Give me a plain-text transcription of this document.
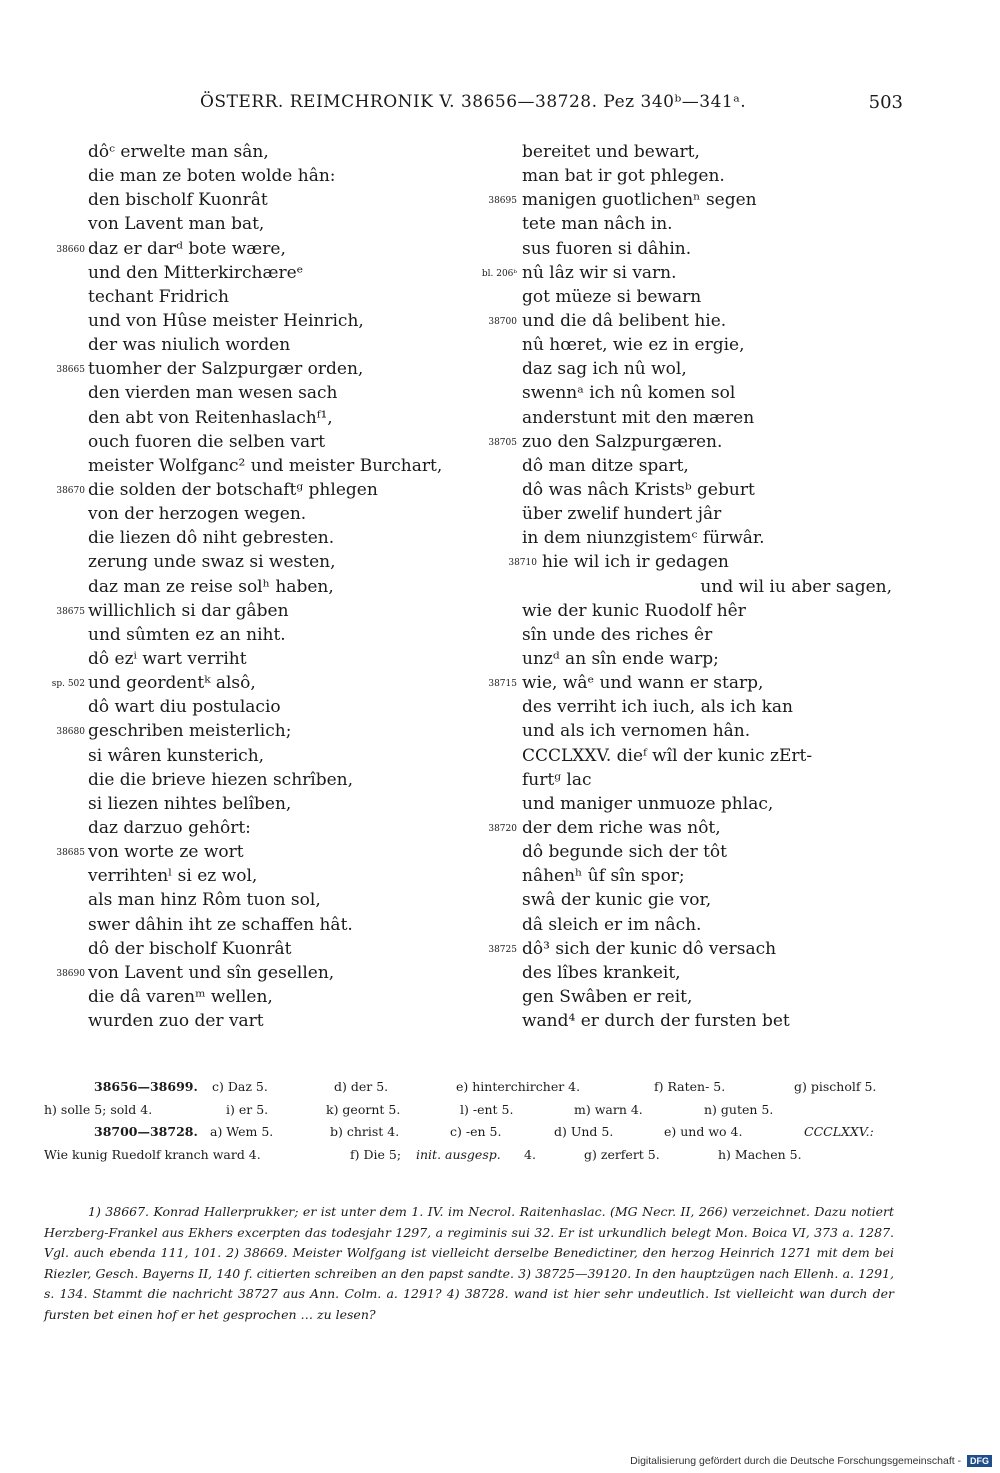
ÖSTERR. REIMCHRONIK V. 38656—38728. Pez 340ᵇ—341ᵃ.	503
dôᶜ erwelte man sân,
die man ze boten wolde hân:
den bischolf Kuonrât
von Lavent man bat,
38660 daz er darᵈ bote wære,
und den Mitterkirchæreᵉ
techant Fridrich
und von Hûse meister Heinrich,
der was niulich worden
38665 tuomher der Salzpurgær orden,
den vierden man wesen sach
den abt von Reitenhaslachᶠ¹,
ouch fuoren die selben vart
meister Wolfganc² und meister Burchart,
38670 die solden der botschaftᵍ phlegen
von der herzogen wegen.
die liezen dô niht gebresten.
zerung unde swaz si westen,
daz man ze reise solʰ haben,
38675 willichlich si dar gâben
und sûmten ez an niht.
dô ezⁱ wart verriht
sp. 502 und geordentᵏ alsô,
dô wart diu postulacio
38680 geschriben meisterlich;
si wâren kunsterich,
die die brieve hiezen schrîben,
si liezen nihtes belîben,
daz darzuo gehôrt:
38685 von worte ze wort
verrihtenˡ si ez wol,
als man hinz Rôm tuon sol,
swer dâhin iht ze schaffen hât.
dô der bischolf Kuonrât
38690 von Lavent und sîn gesellen,
die dâ varenᵐ wellen,
wurden zuo der vart
bereitet und bewart,
man bat ir got phlegen.
38695 manigen guotlichenⁿ segen
tete man nâch in.
sus fuoren si dâhin.
bl. 206ᵇ nû lâz wir si varn.
got müeze si bewarn
38700 und die dâ belibent hie.
nû hœret, wie ez in ergie,
daz sag ich nû wol,
swennᵃ ich nû komen sol
anderstunt mit den mæren
38705 zuo den Salzpurgæren.
dô man ditze spart,
dô was nâch Kristsᵇ geburt
über zwelif hundert jâr
in dem niunzgistemᶜ fürwâr.
38710 hie wil ich ir gedagen
und wil iu aber sagen,
wie der kunic Ruodolf hêr
sîn unde des riches êr
unzᵈ an sîn ende warp;
38715 wie, wâᵉ und wann er starp,
des verriht ich iuch, als ich kan
und als ich vernomen hân.
CCCLXXV. dieᶠ wîl der kunic zErt-
furtᵍ lac
und maniger unmuoze phlac,
38720 der dem riche was nôt,
dô begunde sich der tôt
nâhenʰ ûf sîn spor;
swâ der kunic gie vor,
dâ sleich er im nâch.
38725 dô³ sich der kunic dô versach
des lîbes krankeit,
gen Swâben er reit,
wand⁴ er durch der fursten bet
38656—38699. c) Daz 5.	d) der 5.	e) hinterchircher 4.	f) Raten- 5.	g) pischolf 5.
h) solle 5; sold 4.	i) er 5.	k) geornt 5.	l) -ent 5.	m) warn 4.	n) guten 5.
38700—38728. a) Wem 5.	b) christ 4.	c) -en 5.	d) Und 5.	e) und wo 4.	CCCLXXV.:
Wie kunig Ruedolf kranch ward 4.	f) Die 5; init. ausgesp. 4.	g) zerfert 5.	h) Machen 5.

1) 38667. Konrad Hallerprukker; er ist unter dem 1. IV. im Necrol. Raitenhaslac. (MG Necr. II, 266) verzeichnet. Dazu notiert Herzberg-Frankel aus Ekhers excerpten das todesjahr 1297, a regiminis sui 32. Er ist urkundlich belegt Mon. Boica VI, 373 a. 1287. Vgl. auch ebenda 111, 101. 2) 38669. Meister Wolfgang ist vielleicht derselbe Benedictiner, den herzog Heinrich 1271 mit dem bei Riezler, Gesch. Bayerns II, 140 f. citierten schreiben an den papst sandte. 3) 38725—39120. In den hauptzügen nach Ellenh. a. 1291, s. 134. Stammt die nachricht 38727 aus Ann. Colm. a. 1291? 4) 38728. wand ist hier sehr undeutlich. Ist vielleicht wan durch der fursten bet einen hof er het gesprochen … zu lesen?

Digitalisierung gefördert durch die Deutsche Forschungsgemeinschaft - DFG
